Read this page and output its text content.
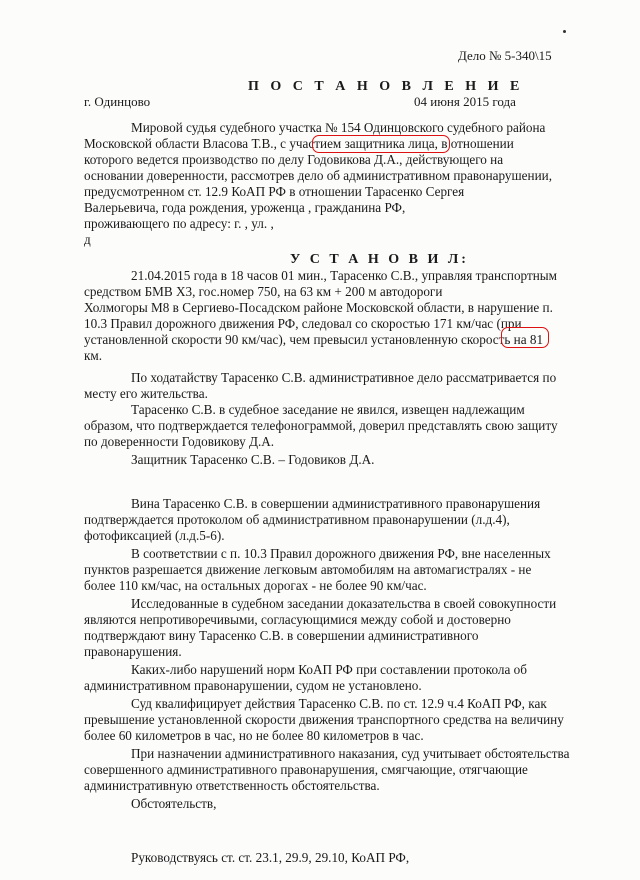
Дело № 5-340\15
П О С Т А Н О В Л Е Н И Е
г. Одинцово	04 июня 2015 года
Мировой судья судебного участка № 154 Одинцовского судебного района
Московской области Власова Т.В., с участием защитника лица, в отношении
которого ведется производство по делу Годовикова Д.А., действующего на
основании доверенности, рассмотрев дело об административном правонарушении,
предусмотренном ст. 12.9 КоАП РФ в отношении Тарасенко Сергея
Валерьевича, года рождения, уроженца , гражданина РФ,
проживающего по адресу: г. , ул. ,
д
У С Т А Н О В И Л:
21.04.2015 года в 18 часов 01 мин., Тарасенко С.В., управляя транспортным
средством БМВ Х3, гос.номер 750, на 63 км + 200 м автодороги
Холмогоры М8 в Сергиево-Посадском районе Московской области, в нарушение п.
10.3 Правил дорожного движения РФ, следовал со скоростью 171 км/час (при
установленной скорости 90 км/час), чем превысил установленную скорость на 81
км.
По ходатайству Тарасенко С.В. административное дело рассматривается по
месту его жительства.
Тарасенко С.В. в судебное заседание не явился, извещен надлежащим
образом, что подтверждается телефонограммой, доверил представлять свою защиту
по доверенности Годовикову Д.А.
Защитник Тарасенко С.В. – Годовиков Д.А.
Вина Тарасенко С.В. в совершении административного правонарушения
подтверждается протоколом об административном правонарушении (л.д.4),
фотофиксацией (л.д.5-6).
В соответствии с п. 10.3 Правил дорожного движения РФ, вне населенных
пунктов разрешается движение легковым автомобилям на автомагистралях - не
более 110 км/час, на остальных дорогах - не более 90 км/час.
Исследованные в судебном заседании доказательства в своей совокупности
являются непротиворечивыми, согласующимися между собой и достоверно
подтверждают вину Тарасенко С.В. в совершении административного
правонарушения.
Каких-либо нарушений норм КоАП РФ при составлении протокола об
административном правонарушении, судом не установлено.
Суд квалифицирует действия Тарасенко С.В. по ст. 12.9 ч.4 КоАП РФ, как
превышение установленной скорости движения транспортного средства на величину
более 60 километров в час, но не более 80 километров в час.
При назначении административного наказания, суд учитывает обстоятельства
совершенного административного правонарушения, смягчающие, отягчающие
административную ответственность обстоятельства.
Обстоятельств,
Руководствуясь ст. ст. 23.1, 29.9, 29.10, КоАП РФ,
